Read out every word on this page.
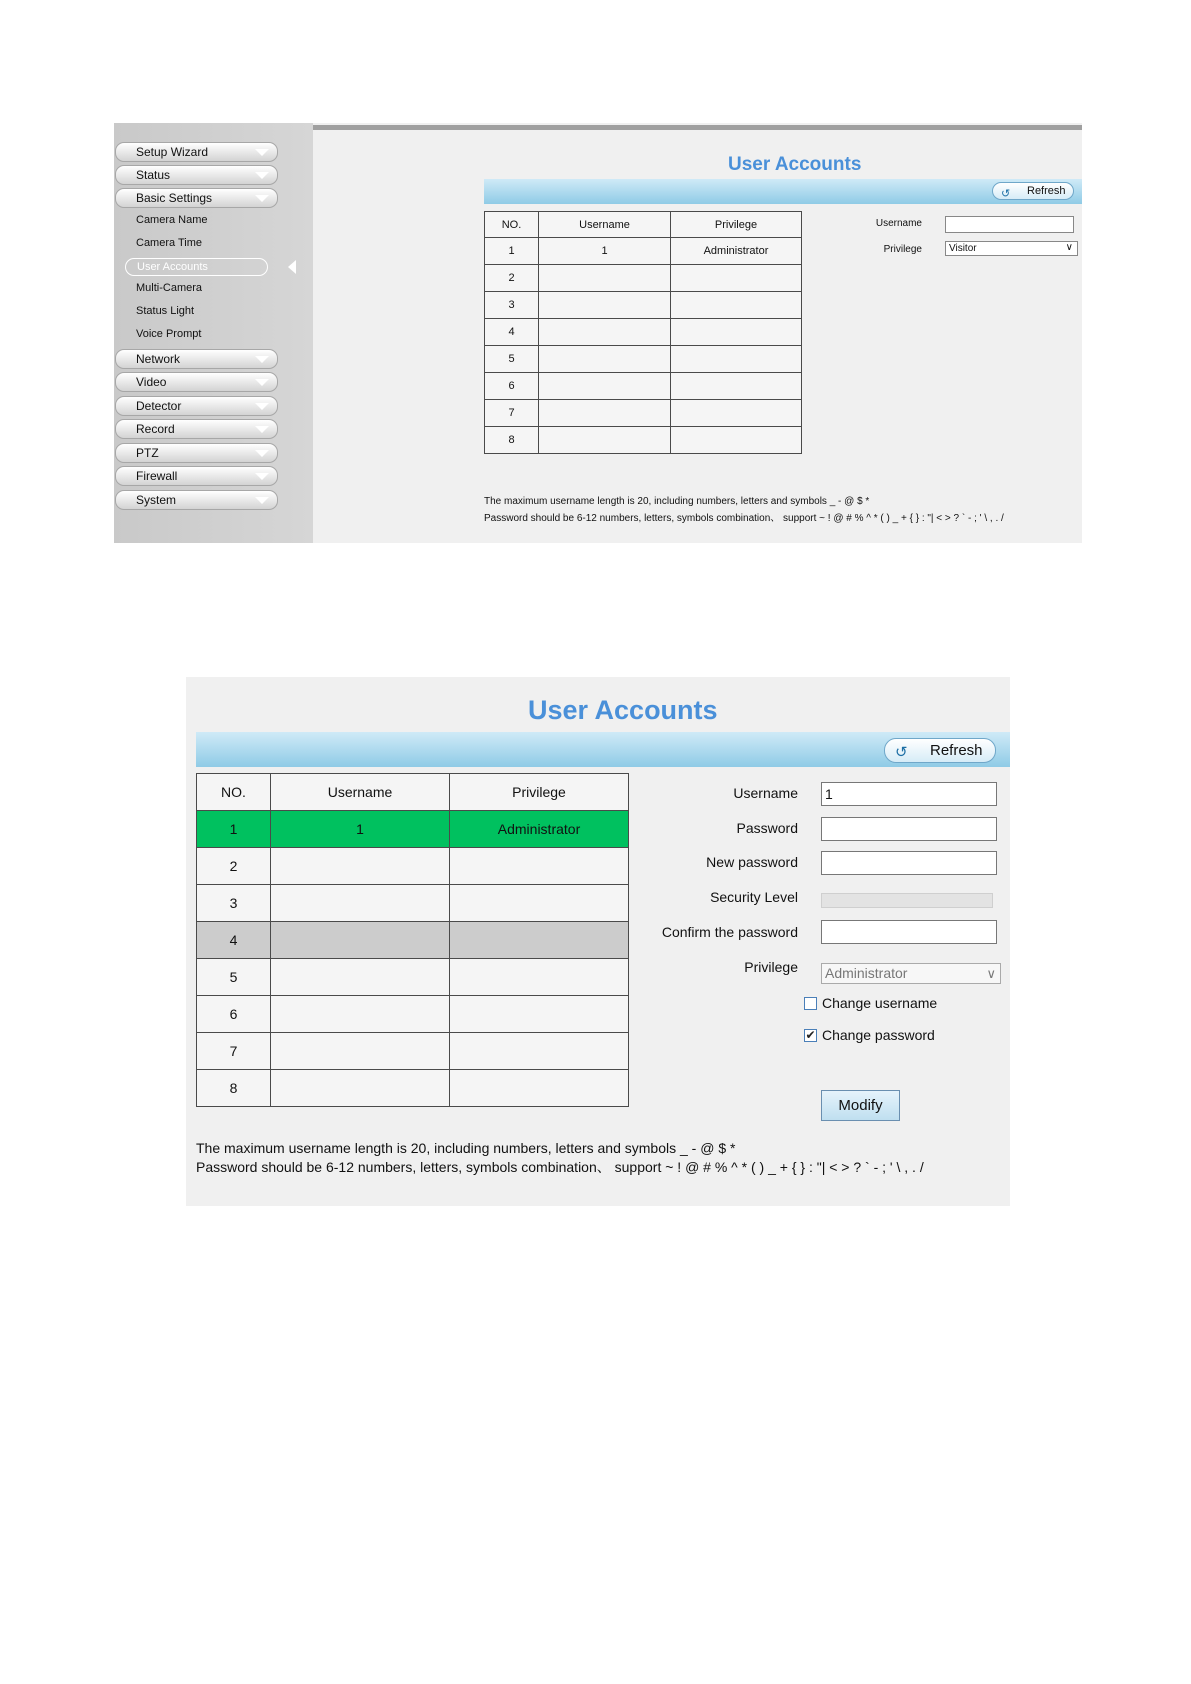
Setup Wizard
Status
Basic Settings
Camera Name
Camera Time
User Accounts
Multi-Camera
Status Light
Voice Prompt
Network
Video
Detector
Record
PTZ
Firewall
System
User Accounts
↺ Refresh
NO.	Username	Privilege
1	1	Administrator
2		
3		
4		
5		
6		
7		
8		
Username
Privilege	Visitor	∨
The maximum username length is 20, including numbers, letters and symbols _ - @ $ *
Password should be 6-12 numbers, letters, symbols combination、 support ~ ! @ # % ^ * ( ) _ + { } : "| < > ? ` - ; ' \ , . /
User Accounts
↺ Refresh
NO.	Username	Privilege
1	1	Administrator
2		
3		
4		
5		
6		
7		
8		
Username 1
Password
New password
Security Level
Confirm the password
Privilege Administrator	∨
Change username
✔ Change password
Modify
The maximum username length is 20, including numbers, letters and symbols _ - @ $ *
Password should be 6-12 numbers, letters, symbols combination、 support ~ ! @ # % ^ * ( ) _ + { } : "| < > ? ` - ; ' \ , . /
